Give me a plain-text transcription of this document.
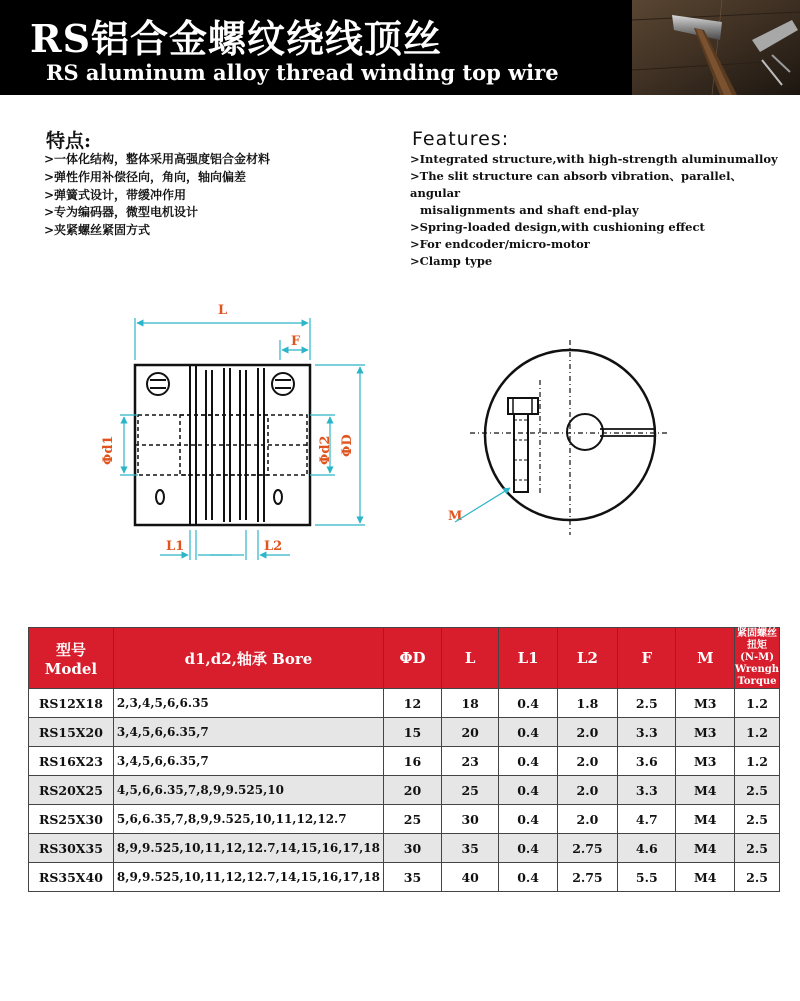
RS铝合金螺纹绕线顶丝
RS aluminum alloy thread winding top wire
特点:
>一体化结构，整体采用高强度铝合金材料
>弹性作用补偿径向，角向，轴向偏差
>弹簧式设计，带缓冲作用
>专为编码器，微型电机设计
>夹紧螺丝紧固方式
Features:
>Integrated structure,with high-strength aluminumalloy
>The slit structure can absorb vibration、parallel、angular
misalignments and shaft end-play
>Spring-loaded design,with cushioning effect
>For endcoder/micro-motor
>Clamp type
L
F
Φd1	Φd2 ΦD
L1	L2
M
型号
Model	d1,d2,轴承 Bore	ΦD	L	L1	L2	F	M	紧固螺丝扭矩
(N-M)
Wrengh Torque
RS12X18	2,3,4,5,6,6.35	12	18	0.4	1.8	2.5	M3	1.2
RS15X20	3,4,5,6,6.35,7	15	20	0.4	2.0	3.3	M3	1.2
RS16X23	3,4,5,6,6.35,7	16	23	0.4	2.0	3.6	M3	1.2
RS20X25	4,5,6,6.35,7,8,9,9.525,10	20	25	0.4	2.0	3.3	M4	2.5
RS25X30	5,6,6.35,7,8,9,9.525,10,11,12,12.7	25	30	0.4	2.0	4.7	M4	2.5
RS30X35	8,9,9.525,10,11,12,12.7,14,15,16,17,18	30	35	0.4	2.75	4.6	M4	2.5
RS35X40	8,9,9.525,10,11,12,12.7,14,15,16,17,18	35	40	0.4	2.75	5.5	M4	2.5
